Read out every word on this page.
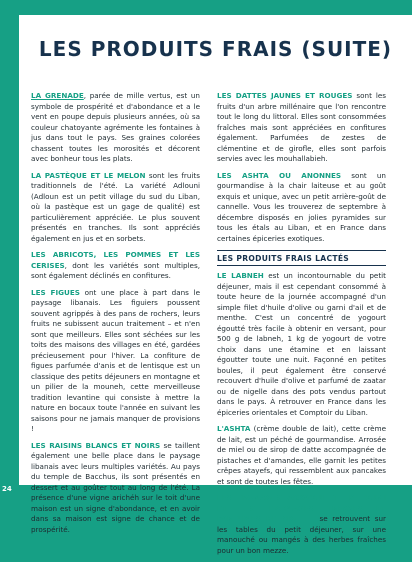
LES PRODUITS FRAIS (SUITE)

LA GRENADE, parée de mille vertus, est un symbole de prospérité et d'abondance et a le vent en poupe depuis plusieurs années, où sa couleur chatoyante agrémente les fontaines à jus dans tout le pays. Ses graines colorées chassent toutes les morosités et décorent avec bonheur tous les plats.

LA PASTÈQUE ET LE MELON sont les fruits traditionnels de l'été. La variété Adlouni (Adloun est un petit village du sud du Liban, où la pastèque est un gage de qualité) est particulièrement appréciée. Le plus souvent présentés en tranches. Ils sont appréciés également en jus et en sorbets.

LES ABRICOTS, LES POMMES ET LES CERISES, dont les variétés sont multiples, sont également déclinés en confitures.

LES FIGUES ont une place à part dans le paysage libanais. Les figuiers poussent souvent agrippés à des pans de rochers, leurs fruits ne subissent aucun traitement – et n'en sont que meilleurs. Elles sont séchées sur les toits des maisons des villages en été, gardées précieusement pour l'hiver. La confiture de figues parfumée d'anis et de lentisque est un classique des petits déjeuners en montagne et un pilier de la mouneh, cette merveilleuse tradition levantine qui consiste à mettre la nature en bocaux toute l'année en suivant les saisons pour ne jamais manquer de provisions !

LES RAISINS BLANCS ET NOIRS se taillent également une belle place dans le paysage libanais avec leurs multiples variétés. Au pays du temple de Bacchus, ils sont présentés en dessert et au goûter tout au long de l'été. La présence d'une vigne arichéh sur le toit d'une maison est un signe d'abondance, et en avoir dans sa maison est signe de chance et de prospérité.

LES DATTES JAUNES ET ROUGES sont les fruits d'un arbre millénaire que l'on rencontre tout le long du littoral. Elles sont consommées fraîches mais sont appréciées en confitures également. Parfumées de zestes de clémentine et de girofle, elles sont parfois servies avec les mouhallabieh.

LES ASHTA OU ANONNES sont un gourmandise à la chair laiteuse et au goût exquis et unique, avec un petit arrière-goût de cannelle. Vous les trouverez de septembre à décembre disposés en jolies pyramides sur tous les étals au Liban, et en France dans certaines épiceries exotiques.

LES PRODUITS FRAIS LACTÉS

LE LABNEH est un incontournable du petit déjeuner, mais il est cependant consommé à toute heure de la journée accompagné d'un simple filet d'huile d'olive ou garni d'ail et de menthe. C'est un concentré de yogourt égoutté très facile à obtenir en versant, pour 500 g de labneh, 1 kg de yogourt de votre choix dans une étamine et en laissant égoutter toute une nuit. Façonné en petites boules, il peut également être conservé recouvert d'huile d'olive et parfumé de zaatar ou de nigelle dans des pots vendus partout dans le pays. À retrouver en France dans les épiceries orientales et Comptoir du Liban.

L'ASHTA (crème double de lait), cette crème de lait, est un péché de gourmandise. Arrosée de miel ou de sirop de datte accompagnée de pistaches et d'amandes, elle garnit les petites crêpes atayefs, qui ressemblent aux pancakes et sont de toutes les fêtes.

LES FROMAGES AKKAOUI ET HALLOUMI ET LES FROMAGES TRESSÉS ET PARFUMÉS DE NIGELLE se retrouvent sur les tables du petit déjeuner, sur une manouché ou mangés à des herbes fraîches pour un bon mezze.

24
